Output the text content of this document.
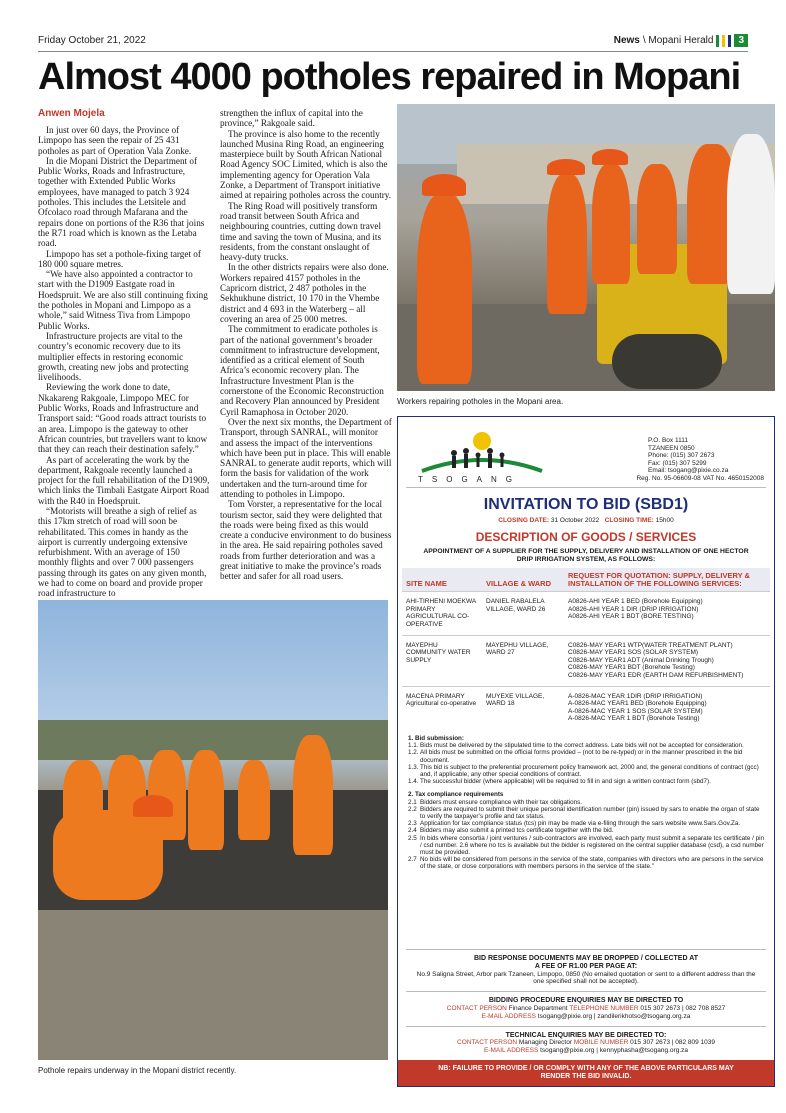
Friday October 21, 2022	News \ Mopani Herald	3
Almost 4000 potholes repaired in Mopani
Anwen Mojela

In just over 60 days, the Province of Limpopo has seen the repair of 25 431 potholes as part of Operation Vala Zonke.

In die Mopani District the Department of Public Works, Roads and Infrastructure, together with Extended Public Works employees, have managed to patch 3 924 potholes. This includes the Letsitele and Ofcolaco road through Mafarana and the repairs done on portions of the R36 that joins the R71 road which is known as the Letaba road.

Limpopo has set a pothole-fixing target of 180 000 square metres.

“We have also appointed a contractor to start with the D1909 Eastgate road in Hoedspruit. We are also still continuing fixing the potholes in Mopani and Limpopo as a whole,” said Witness Tiva from Limpopo Public Works.

Infrastructure projects are vital to the country’s economic recovery due to its multiplier effects in restoring economic growth, creating new jobs and protecting livelihoods.

Reviewing the work done to date, Nkakareng Rakgoale, Limpopo MEC for Public Works, Roads and Infrastructure and Transport said: “Good roads attract tourists to an area. Limpopo is the gateway to other African countries, but travellers want to know that they can reach their destination safely.”

As part of accelerating the work by the department, Rakgoale recently launched a project for the full rehabilitation of the D1909, which links the Timbali Eastgate Airport Road with the R40 in Hoedspruit.

“Motorists will breathe a sigh of relief as this 17km stretch of road will soon be rehabilitated. This comes in handy as the airport is currently undergoing extensive refurbishment. With an average of 150 monthly flights and over 7 000 passengers passing through its gates on any given month, we had to come on board and provide proper road infrastructure to

strengthen the influx of capital into the province,” Rakgoale said.

The province is also home to the recently launched Musina Ring Road, an engineering masterpiece built by South African National Road Agency SOC Limited, which is also the implementing agency for Operation Vala Zonke, a Department of Transport initiative aimed at repairing potholes across the country.

The Ring Road will positively transform road transit between South Africa and neighbouring countries, cutting down travel time and saving the town of Musina, and its residents, from the constant onslaught of heavy-duty trucks.

In the other districts repairs were also done. Workers repaired 4157 potholes in the Capricorn district, 2 487 potholes in the Sekhukhune district, 10 170 in the Vhembe district and 4 693 in the Waterberg – all covering an area of 25 000 metres.

The commitment to eradicate potholes is part of the national government’s broader commitment to infrastructure development, identified as a critical element of South Africa’s economic recovery plan. The Infrastructure Investment Plan is the cornerstone of the Economic Reconstruction and Recovery Plan announced by President Cyril Ramaphosa in October 2020.

Over the next six months, the Department of Transport, through SANRAL, will monitor and assess the impact of the interventions which have been put in place. This will enable SANRAL to generate audit reports, which will form the basis for validation of the work undertaken and the turn-around time for attending to potholes in Limpopo.

Tom Vorster, a representative for the local tourism sector, said they were delighted that the roads were being fixed as this would create a conducive environment to do business in the area. He said repairing potholes saved roads from further deterioration and was a great initiative to make the province’s roads better and safer for all road users.

Workers repairing potholes in the Mopani area.
Pothole repairs underway in the Mopani district recently.
TSOGANG
P.O. Box 1111
TZANEEN 0850
Phone: (015) 307 2673
Fax: (015) 307 5299
Email: tsogang@pixie.co.za
Reg. No. 95-06609-08 VAT No. 4650152008
INVITATION TO BID (SBD1)
CLOSING DATE: 31 October 2022 CLOSING TIME: 15h00
DESCRIPTION OF GOODS / SERVICES
APPOINTMENT OF A SUPPLIER FOR THE SUPPLY, DELIVERY AND INSTALLATION OF ONE HECTOR DRIP IRRIGATION SYSTEM, AS FOLLOWS:
SITE NAME	VILLAGE & WARD	REQUEST FOR QUOTATION: SUPPLY, DELIVERY & INSTALLATION OF THE FOLLOWING SERVICES:
AHI-TIRHENI MOEKWA PRIMARY AGRICULTURAL CO-OPERATIVE	DANIEL RABALELA VILLAGE, WARD 26	A0826-AHI YEAR 1 BED (Borehole Equipping)
A0826-AHI YEAR 1 DIR (DRIP IRRIGATION)
A0826-AHI YEAR 1 BDT (BORE TESTING)

MAYEPHU COMMUNITY WATER SUPPLY	MAYEPHU VILLAGE, WARD 27	C0826-MAY YEAR1 WTP(WATER TREATMENT PLANT)
C0826-MAY YEAR1 SOS (SOLAR SYSTEM)
C0826-MAY YEAR1 ADT (Animal Drinking Trough)
C0826-MAY YEAR1 BDT (Borehole Testing)
C0826-MAY YEAR1 EDR (EARTH DAM REFURBISHMENT)

MACENA PRIMARY Agricultural co-operative	MUYEXE VILLAGE, WARD 18	A-0826-MAC YEAR 1DIR (DRIP IRRIGATION)
A-0826-MAC YEAR1 BED (Borehole Equipping)
A-0826-MAC YEAR 1 SOS (SOLAR SYSTEM)
A-0826-MAC YEAR 1 BDT (Borehole Testing)
1. Bid submission:
1.1. Bids must be delivered by the stipulated time to the correct address. Late bids will not be accepted for consideration.
1.2. All bids must be submitted on the official forms provided – (not to be re-typed) or in the manner prescribed in the bid document.
1.3. This bid is subject to the preferential procurement policy framework act, 2000 and, the general conditions of contract (gcc) and, if applicable, any other special conditions of contract.
1.4. The successful bidder (where applicable) will be required to fill in and sign a written contract form (sbd7).
2. Tax compliance requirements
2.1 Bidders must ensure compliance with their tax obligations.
2.2 Bidders are required to submit their unique personal identification number (pin) issued by sars to enable the organ of state to verify the taxpayer’s profile and tax status.
2.3 Application for tax compliance status (tcs) pin may be made via e-filing through the sars website www.Sars.Gov.Za.
2.4 Bidders may also submit a printed tcs certificate together with the bid.
2.5 In bids where consortia / joint ventures / sub-contractors are involved, each party must submit a separate tcs certificate / pin / csd number. 2.6 where no tcs is available but the bidder is registered on the central supplier database (csd), a csd number must be provided.
2.7 No bids will be considered from persons in the service of the state, companies with directors who are persons in the service of the state, or close corporations with members persons in the service of the state.”
BID RESPONSE DOCUMENTS MAY BE DROPPED / COLLECTED AT
A FEE OF R1.00 PER PAGE AT:
No.9 Saligna Street, Arbor park Tzaneen, Limpopo, 0850 (No emailed quotation or sent to a different address than the one specified shall not be accepted).
BIDDING PROCEDURE ENQUIRIES MAY BE DIRECTED TO
CONTACT PERSON Finance Department TELEPHONE NUMBER 015 307 2673 | 082 708 8527
E-MAIL ADDRESS tsogang@pixie.org | zandilerikhotso@tsogang.org.za
TECHNICAL ENQUIRIES MAY BE DIRECTED TO:
CONTACT PERSON Managing Director MOBILE NUMBER 015 307 2673 | 082 809 1039
E-MAIL ADDRESS tsogang@pixie.org | kennyphasha@tsogang.org.za
NB: FAILURE TO PROVIDE / OR COMPLY WITH ANY OF THE ABOVE PARTICULARS MAY RENDER THE BID INVALID.
